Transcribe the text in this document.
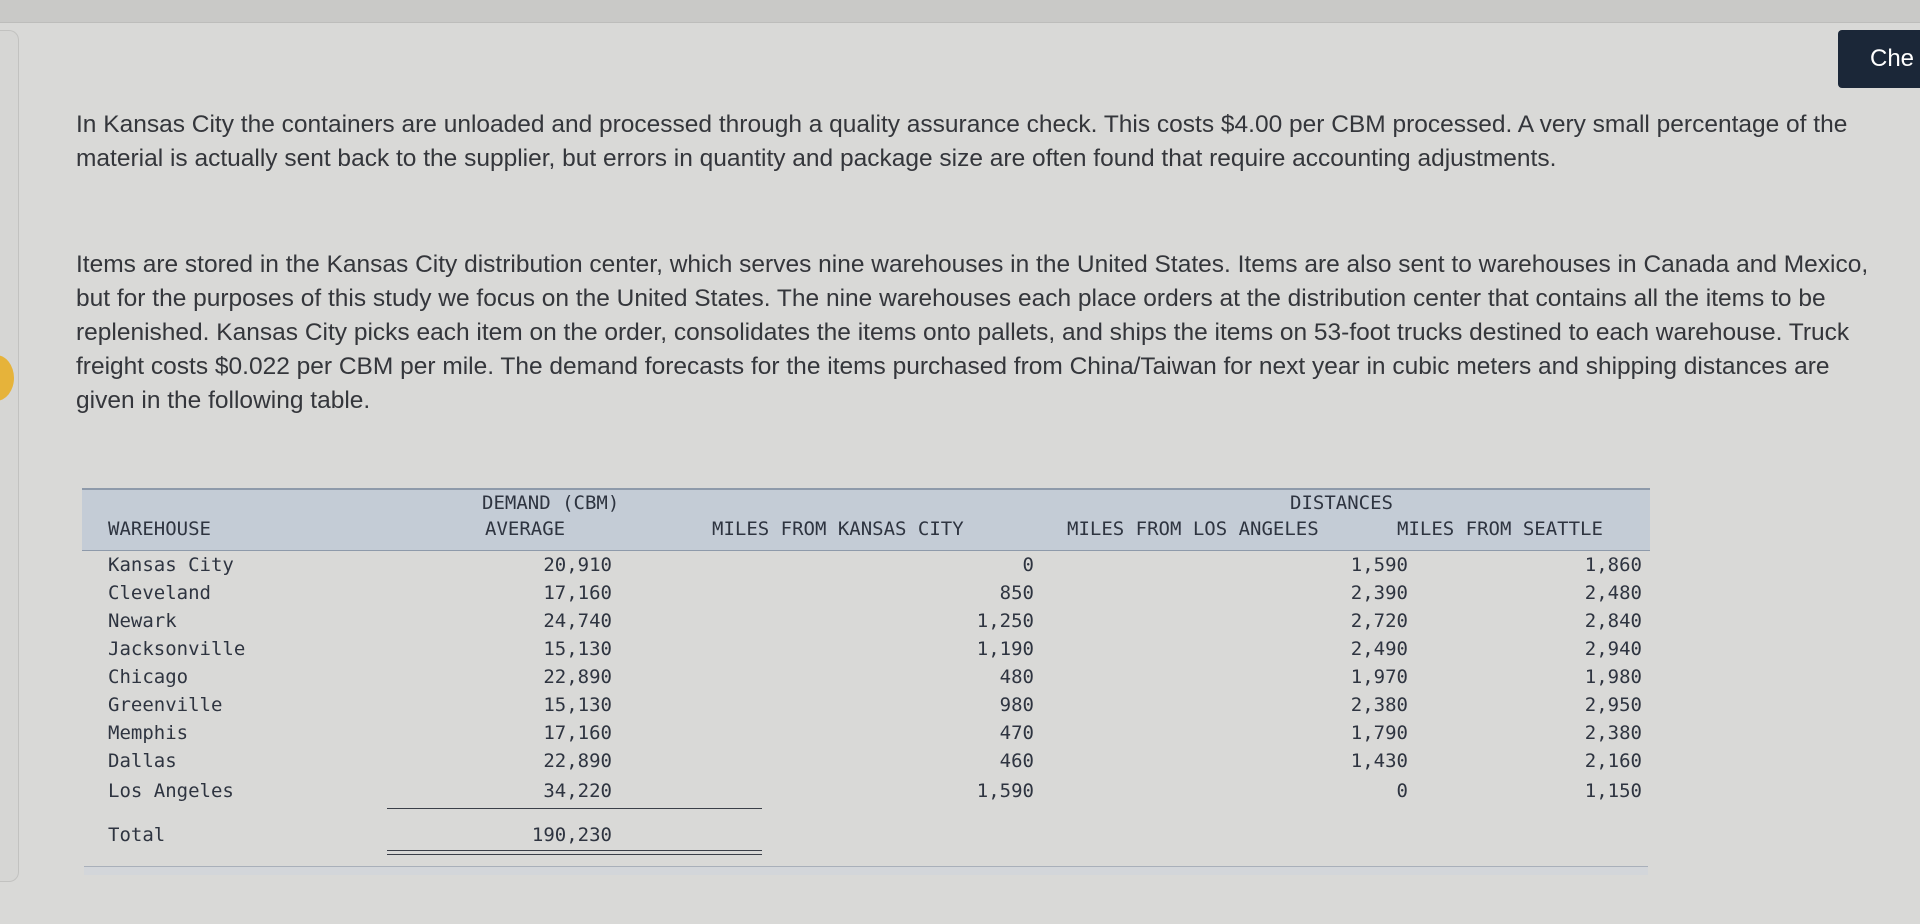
Che
In Kansas City the containers are unloaded and processed through a quality assurance check. This costs $4.00 per CBM processed. A very small percentage of the material is actually sent back to the supplier, but errors in quantity and package size are often found that require accounting adjustments.
Items are stored in the Kansas City distribution center, which serves nine warehouses in the United States. Items are also sent to warehouses in Canada and Mexico, but for the purposes of this study we focus on the United States. The nine warehouses each place orders at the distribution center that contains all the items to be replenished. Kansas City picks each item on the order, consolidates the items onto pallets, and ships the items on 53-foot trucks destined to each warehouse. Truck freight costs $0.022 per CBM per mile. The demand forecasts for the items purchased from China/Taiwan for next year in cubic meters and shipping distances are given in the following table.
DEMAND (CBM)	DISTANCES
WAREHOUSE	AVERAGE	MILES FROM KANSAS CITY	MILES FROM LOS ANGELES	MILES FROM SEATTLE
Kansas City	20,910	0	1,590	1,860
Cleveland	17,160	850	2,390	2,480
Newark	24,740	1,250	2,720	2,840
Jacksonville	15,130	1,190	2,490	2,940
Chicago	22,890	480	1,970	1,980
Greenville	15,130	980	2,380	2,950
Memphis	17,160	470	1,790	2,380
Dallas	22,890	460	1,430	2,160
Los Angeles	34,220	1,590	0	1,150
Total	190,230
